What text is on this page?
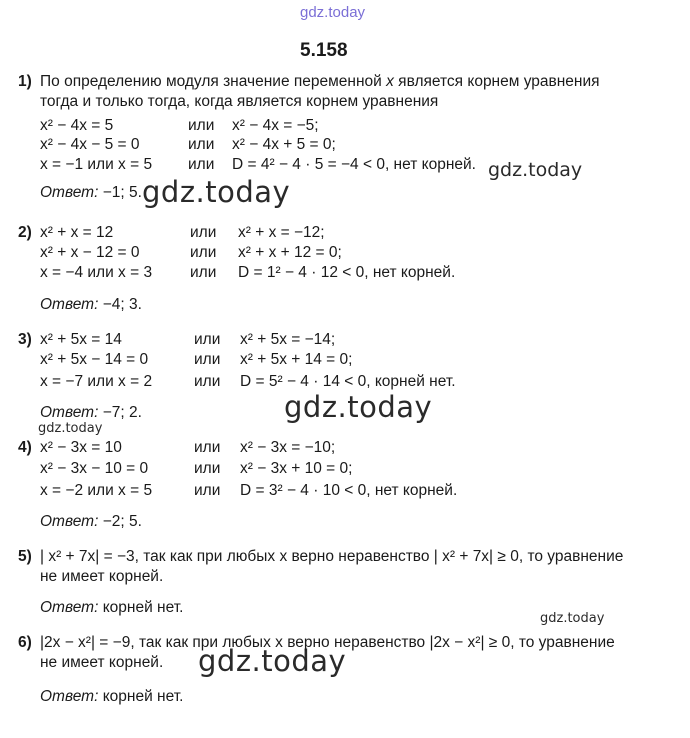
gdz.today
gdz.today
gdz.today
gdz.today
gdz.today
gdz.today
gdz.today
5.158
1) По определению модуля значение переменной x является корнем уравнения
тогда и только тогда, когда является корнем уравнения
x² − 4x = 5	или x² − 4x = −5;
x² − 4x − 5 = 0	или x² − 4x + 5 = 0;
x = −1 или x = 5 или D = 4² − 4 · 5 = −4 < 0, нет корней.
Ответ: −1; 5.
2) x² + x = 12	или x² + x = −12;
x² + x − 12 = 0	или x² + x + 12 = 0;
x = −4 или x = 3 или D = 1² − 4 · 12 < 0, нет корней.
Ответ: −4; 3.
3) x² + 5x = 14	или x² + 5x = −14;
x² + 5x − 14 = 0	или x² + 5x + 14 = 0;
x = −7 или x = 2	или D = 5² − 4 · 14 < 0, корней нет.
Ответ: −7; 2.
4) x² − 3x = 10	или x² − 3x = −10;
x² − 3x − 10 = 0	или x² − 3x + 10 = 0;
x = −2 или x = 5	или D = 3² − 4 · 10 < 0, нет корней.
Ответ: −2; 5.
5) | x² + 7x| = −3, так как при любых x верно неравенство | x² + 7x| ≥ 0, то уравнение
не имеет корней.
Ответ: корней нет.
6) |2x − x²| = −9, так как при любых x верно неравенство |2x − x²| ≥ 0, то уравнение
не имеет корней.
Ответ: корней нет.
